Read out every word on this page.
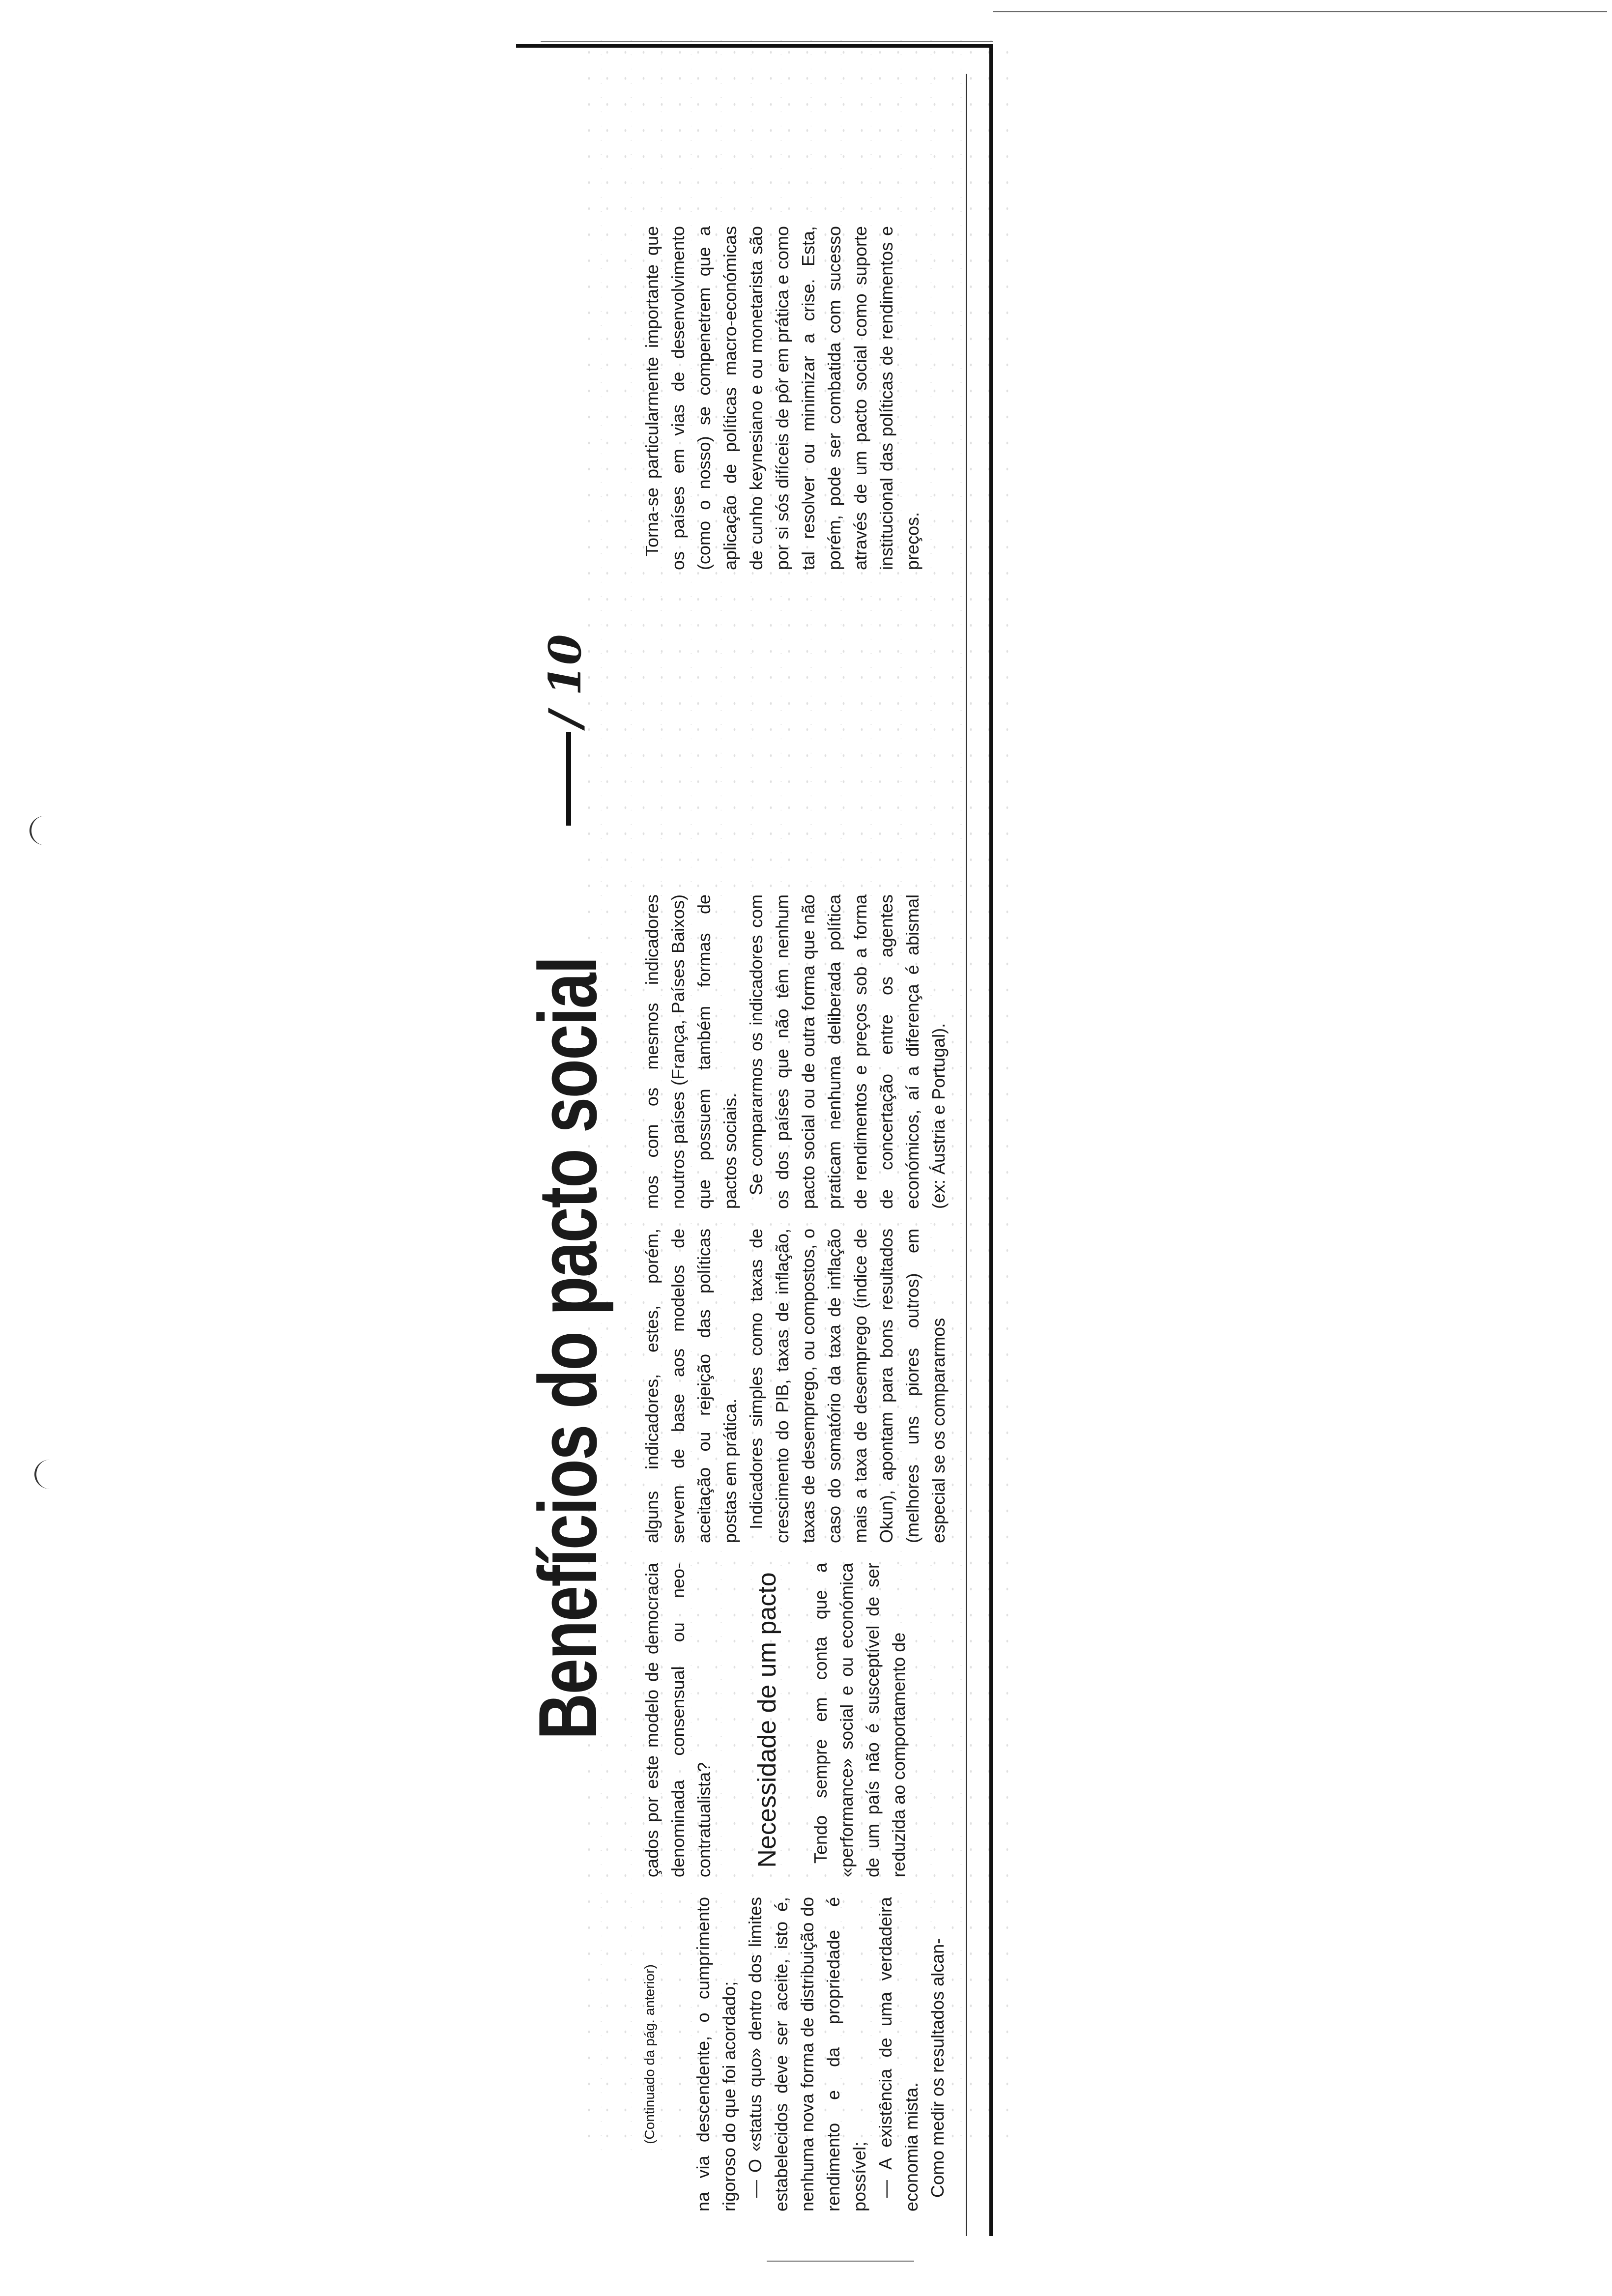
Benefícios do pacto social
/ 10
(Continuado da pág. anterior) na via descendente, o cumprimento rigoroso do que foi acordado; — O «status quo» dentro dos limites estabelecidos deve ser aceite, isto é, nenhuma nova forma de distribuição do rendimento e da propriedade é possível; — A existência de uma verdadeira economia mista. Como medir os resultados alcan-

çados por este modelo de democracia denominada consensual ou neo-contratualista? Necessidade de um pacto Tendo sempre em conta que a «performance» social e ou económica de um país não é susceptível de ser reduzida ao comportamento de

alguns indicadores, estes, porém, servem de base aos modelos de aceitação ou rejeição das políticas postas em prática. Indicadores simples como taxas de crescimento do PIB, taxas de inflação, taxas de desemprego, ou compostos, o caso do somatório da taxa de inflação mais a taxa de desemprego (índice de Okun), apontam para bons resultados (melhores uns piores outros) em especial se os compararmos

mos com os mesmos indicadores noutros países (França, Países Baixos) que possuem também formas de pactos sociais. Se compararmos os indicadores com os dos países que não têm nenhum pacto social ou de outra forma que não praticam nenhuma deliberada política de rendimentos e preços sob a forma de concertação entre os agentes económicos, aí a diferença é abismal (ex: Áustria e Portugal).

Torna-se particularmente importante que os países em vias de desenvolvimento (como o nosso) se compenetrem que a aplicação de políticas macro-económicas de cunho keynesiano e ou monetarista são por si sós difíceis de pôr em prática e como tal resolver ou minimizar a crise. Esta, porém, pode ser combatida com sucesso através de um pacto social como suporte institucional das políticas de rendimentos e preços.
